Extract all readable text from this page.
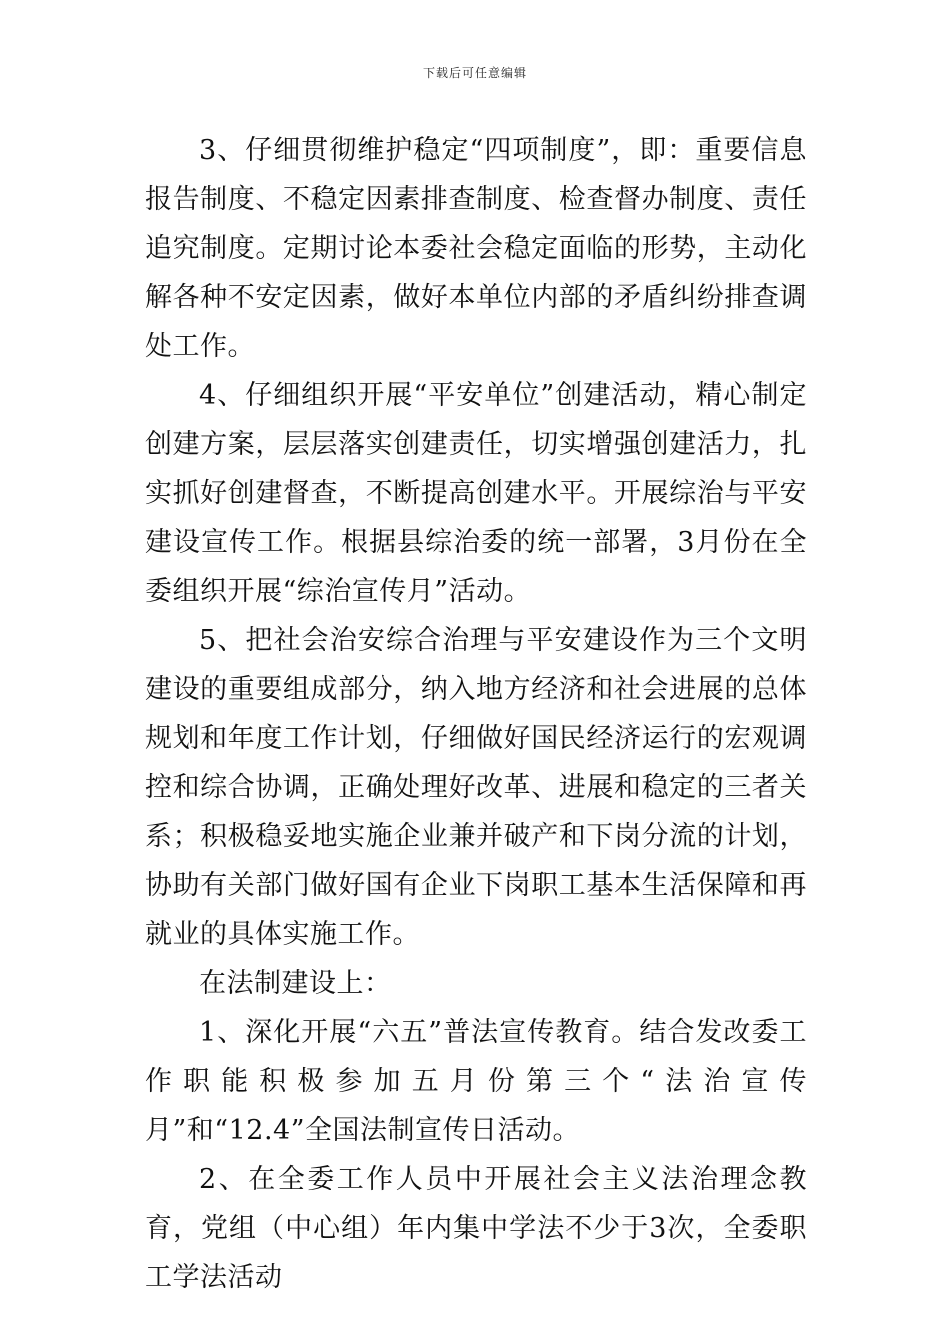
下载后可任意编辑

3、仔细贯彻维护稳定“四项制度”，即：重要信息报告制度、不稳定因素排查制度、检查督办制度、责任追究制度。定期讨论本委社会稳定面临的形势，主动化解各种不安定因素，做好本单位内部的矛盾纠纷排查调处工作。

4、仔细组织开展“平安单位”创建活动，精心制定创建方案，层层落实创建责任，切实增强创建活力，扎实抓好创建督查，不断提高创建水平。开展综治与平安建设宣传工作。根据县综治委的统一部署，3月份在全委组织开展“综治宣传月”活动。

5、把社会治安综合治理与平安建设作为三个文明建设的重要组成部分，纳入地方经济和社会进展的总体规划和年度工作计划，仔细做好国民经济运行的宏观调控和综合协调，正确处理好改革、进展和稳定的三者关系；积极稳妥地实施企业兼并破产和下岗分流的计划，协助有关部门做好国有企业下岗职工基本生活保障和再就业的具体实施工作。

在法制建设上：

1、深化开展“六五”普法宣传教育。结合发改委工作职能积极参加五月份第三个“法治宣传月”和“12.4”全国法制宣传日活动。

2、在全委工作人员中开展社会主义法治理念教育，党组（中心组）年内集中学法不少于3次，全委职工学法活动
